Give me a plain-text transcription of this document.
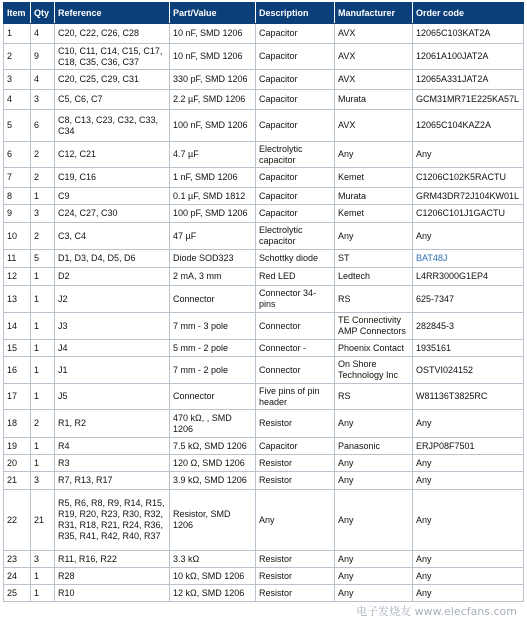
Item	Qty	Reference	Part/Value	Description	Manufacturer	Order code
1	4	C20, C22, C26, C28	10 nF, SMD 1206	Capacitor	AVX	12065C103KAT2A
2	9	C10, C11, C14, C15, C17, C18, C35, C36, C37	10 nF, SMD 1206	Capacitor	AVX	12061A100JAT2A
3	4	C20, C25, C29, C31	330 pF, SMD 1206	Capacitor	AVX	12065A331JAT2A
4	3	C5, C6, C7	2.2 µF, SMD 1206	Capacitor	Murata	GCM31MR71E225KA57L
5	6	C8, C13, C23, C32, C33, C34	100 nF, SMD 1206	Capacitor	AVX	12065C104KAZ2A
6	2	C12, C21	4.7 µF	Electrolytic capacitor	Any	Any
7	2	C19, C16	1 nF, SMD 1206	Capacitor	Kemet	C1206C102K5RACTU
8	1	C9	0.1 µF, SMD 1812	Capacitor	Murata	GRM43DR72J104KW01L
9	3	C24, C27, C30	100 pF, SMD 1206	Capacitor	Kemet	C1206C101J1GACTU
10	2	C3, C4	47 µF	Electrolytic capacitor	Any	Any
11	5	D1, D3, D4, D5, D6	Diode SOD323	Schottky diode	ST	BAT48J
12	1	D2	2 mA, 3 mm	Red LED	Ledtech	L4RR3000G1EP4
13	1	J2	Connector	Connector 34-pins	RS	625-7347
14	1	J3	7 mm - 3 pole	Connector	TE Connectivity AMP Connectors	282845-3
15	1	J4	5 mm - 2 pole	Connector -	Phoenix Contact	1935161
16	1	J1	7 mm - 2 pole	Connector	On Shore Technology Inc	OSTVI024152
17	1	J5	Connector	Five pins of pin header	RS	W81136T3825RC
18	2	R1, R2	470 kΩ, , SMD 1206	Resistor	Any	Any
19	1	R4	7.5 kΩ, SMD 1206	Capacitor	Panasonic	ERJP08F7501
20	1	R3	120 Ω, SMD 1206	Resistor	Any	Any
21	3	R7, R13, R17	3.9 kΩ, SMD 1206	Resistor	Any	Any
22	21	R5, R6, R8, R9, R14, R15, R19, R20, R23, R30, R32, R31, R18, R21, R24, R36, R35, R41, R42, R40, R37	Resistor, SMD 1206	Any	Any	Any
23	3	R11, R16, R22	3.3 kΩ	Resistor	Any	Any
24	1	R28	10 kΩ, SMD 1206	Resistor	Any	Any
25	1	R10	12 kΩ, SMD 1206	Resistor	Any	Any
电子发烧友 www.elecfans.com
